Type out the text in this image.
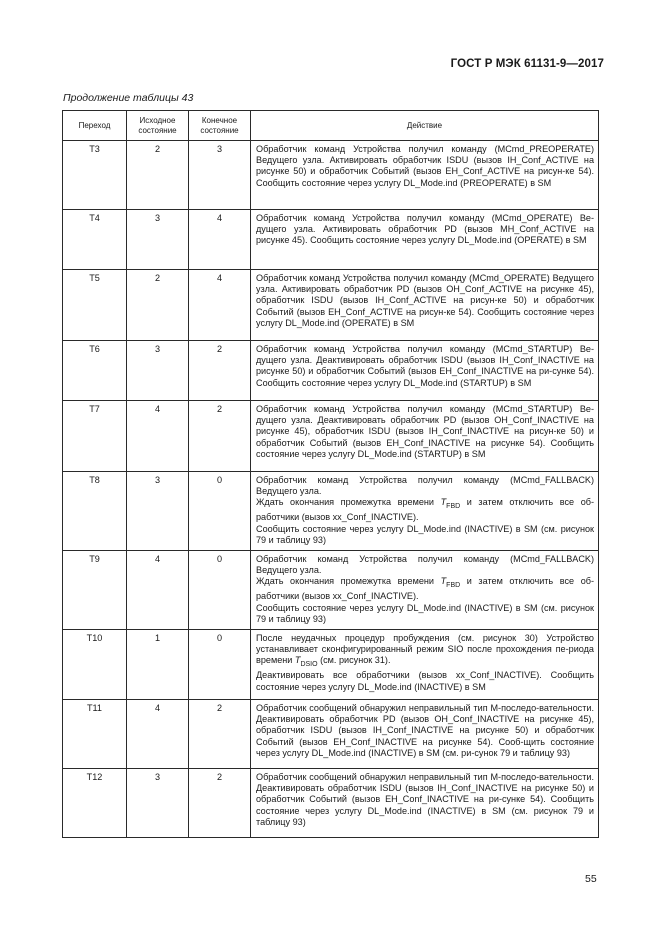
ГОСТ Р МЭК 61131-9—2017
Продолжение таблицы 43
Переход	Исходное состояние	Конечное состояние	Действие
T3	2	3	Обработчик команд Устройства получил команду (MCmd_PREOPERATE) Ведущего узла. Активировать обработчик ISDU (вызов IH_Conf_ACTIVE на рисунке 50) и обработчик Событий (вызов EH_Conf_ACTIVE на рисун-ке 54). Сообщить состояние через услугу DL_Mode.ind (PREOPERATE) в SM

T4	3	4	Обработчик команд Устройства получил команду (MCmd_OPERATE) Ве-дущего узла. Активировать обработчик PD (вызов MH_Conf_ACTIVE на рисунке 45). Сообщить состояние через услугу DL_Mode.ind (OPERATE) в SM

T5	2	4	Обработчик команд Устройства получил команду (MCmd_OPERATE) Ведущего узла. Активировать обработчик PD (вызов OH_Conf_ACTIVE на рисунке 45), обработчик ISDU (вызов IH_Conf_ACTIVE на рисун-ке 50) и обработчик Событий (вызов EH_Conf_ACTIVE на рисун-ке 54). Сообщить состояние через услугу DL_Mode.ind (OPERATE) в SM

T6	3	2	Обработчик команд Устройства получил команду (MCmd_STARTUP) Ве-дущего узла. Деактивировать обработчик ISDU (вызов IH_Conf_INACTIVE на рисунке 50) и обработчик Событий (вызов EH_Conf_INACTIVE на ри-сунке 54). Сообщить состояние через услугу DL_Mode.ind (STARTUP) в SM

T7	4	2	Обработчик команд Устройства получил команду (MCmd_STARTUP) Ве-дущего узла. Деактивировать обработчик PD (вызов OH_Conf_INACTIVE на рисунке 45), обработчик ISDU (вызов IH_Conf_INACTIVE на рисун-ке 50) и обработчик Событий (вызов EH_Conf_INACTIVE на рисунке 54). Сообщить состояние через услугу DL_Mode.ind (STARTUP) в SM

T8	3	0	Обработчик команд Устройства получил команду (MCmd_FALLBACK) Ведущего узла.
Ждать окончания промежутка времени $T_{FBD}$ и затем отключить все об-работчики (вызов xx_Conf_INACTIVE).
Сообщить состояние через услугу DL_Mode.ind (INACTIVE) в SM (см. рисунок 79 и таблицу 93)

T9	4	0	Обработчик команд Устройства получил команду (MCmd_FALLBACK) Ведущего узла.
Ждать окончания промежутка времени $T_{FBD}$ и затем отключить все об-работчики (вызов xx_Conf_INACTIVE).
Сообщить состояние через услугу DL_Mode.ind (INACTIVE) в SM (см. рисунок 79 и таблицу 93)

T10	1	0	После неудачных процедур пробуждения (см. рисунок 30) Устройство устанавливает сконфигурированный режим SIO после прохождения пе-риода времени $T_{DSIO}$ (см. рисунок 31).
Деактивировать все обработчики (вызов xx_Conf_INACTIVE). Сообщить состояние через услугу DL_Mode.ind (INACTIVE) в SM

T11	4	2	Обработчик сообщений обнаружил неправильный тип М-последо-вательности. Деактивировать обработчик PD (вызов OH_Conf_INACTIVE на рисунке 45), обработчик ISDU (вызов IH_Conf_INACTIVE на рисунке 50) и обработчик Событий (вызов EH_Conf_INACTIVE на рисунке 54). Сооб-щить состояние через услугу DL_Mode.ind (INACTIVE) в SM (см. ри-сунок 79 и таблицу 93)

T12	3	2	Обработчик сообщений обнаружил неправильный тип М-последо-вательности. Деактивировать обработчик ISDU (вызов IH_Conf_INACTIVE на рисунке 50) и обработчик Событий (вызов EH_Conf_INACTIVE на ри-сунке 54). Сообщить состояние через услугу DL_Mode.ind (INACTIVE) в SM (см. рисунок 79 и таблицу 93)
55
